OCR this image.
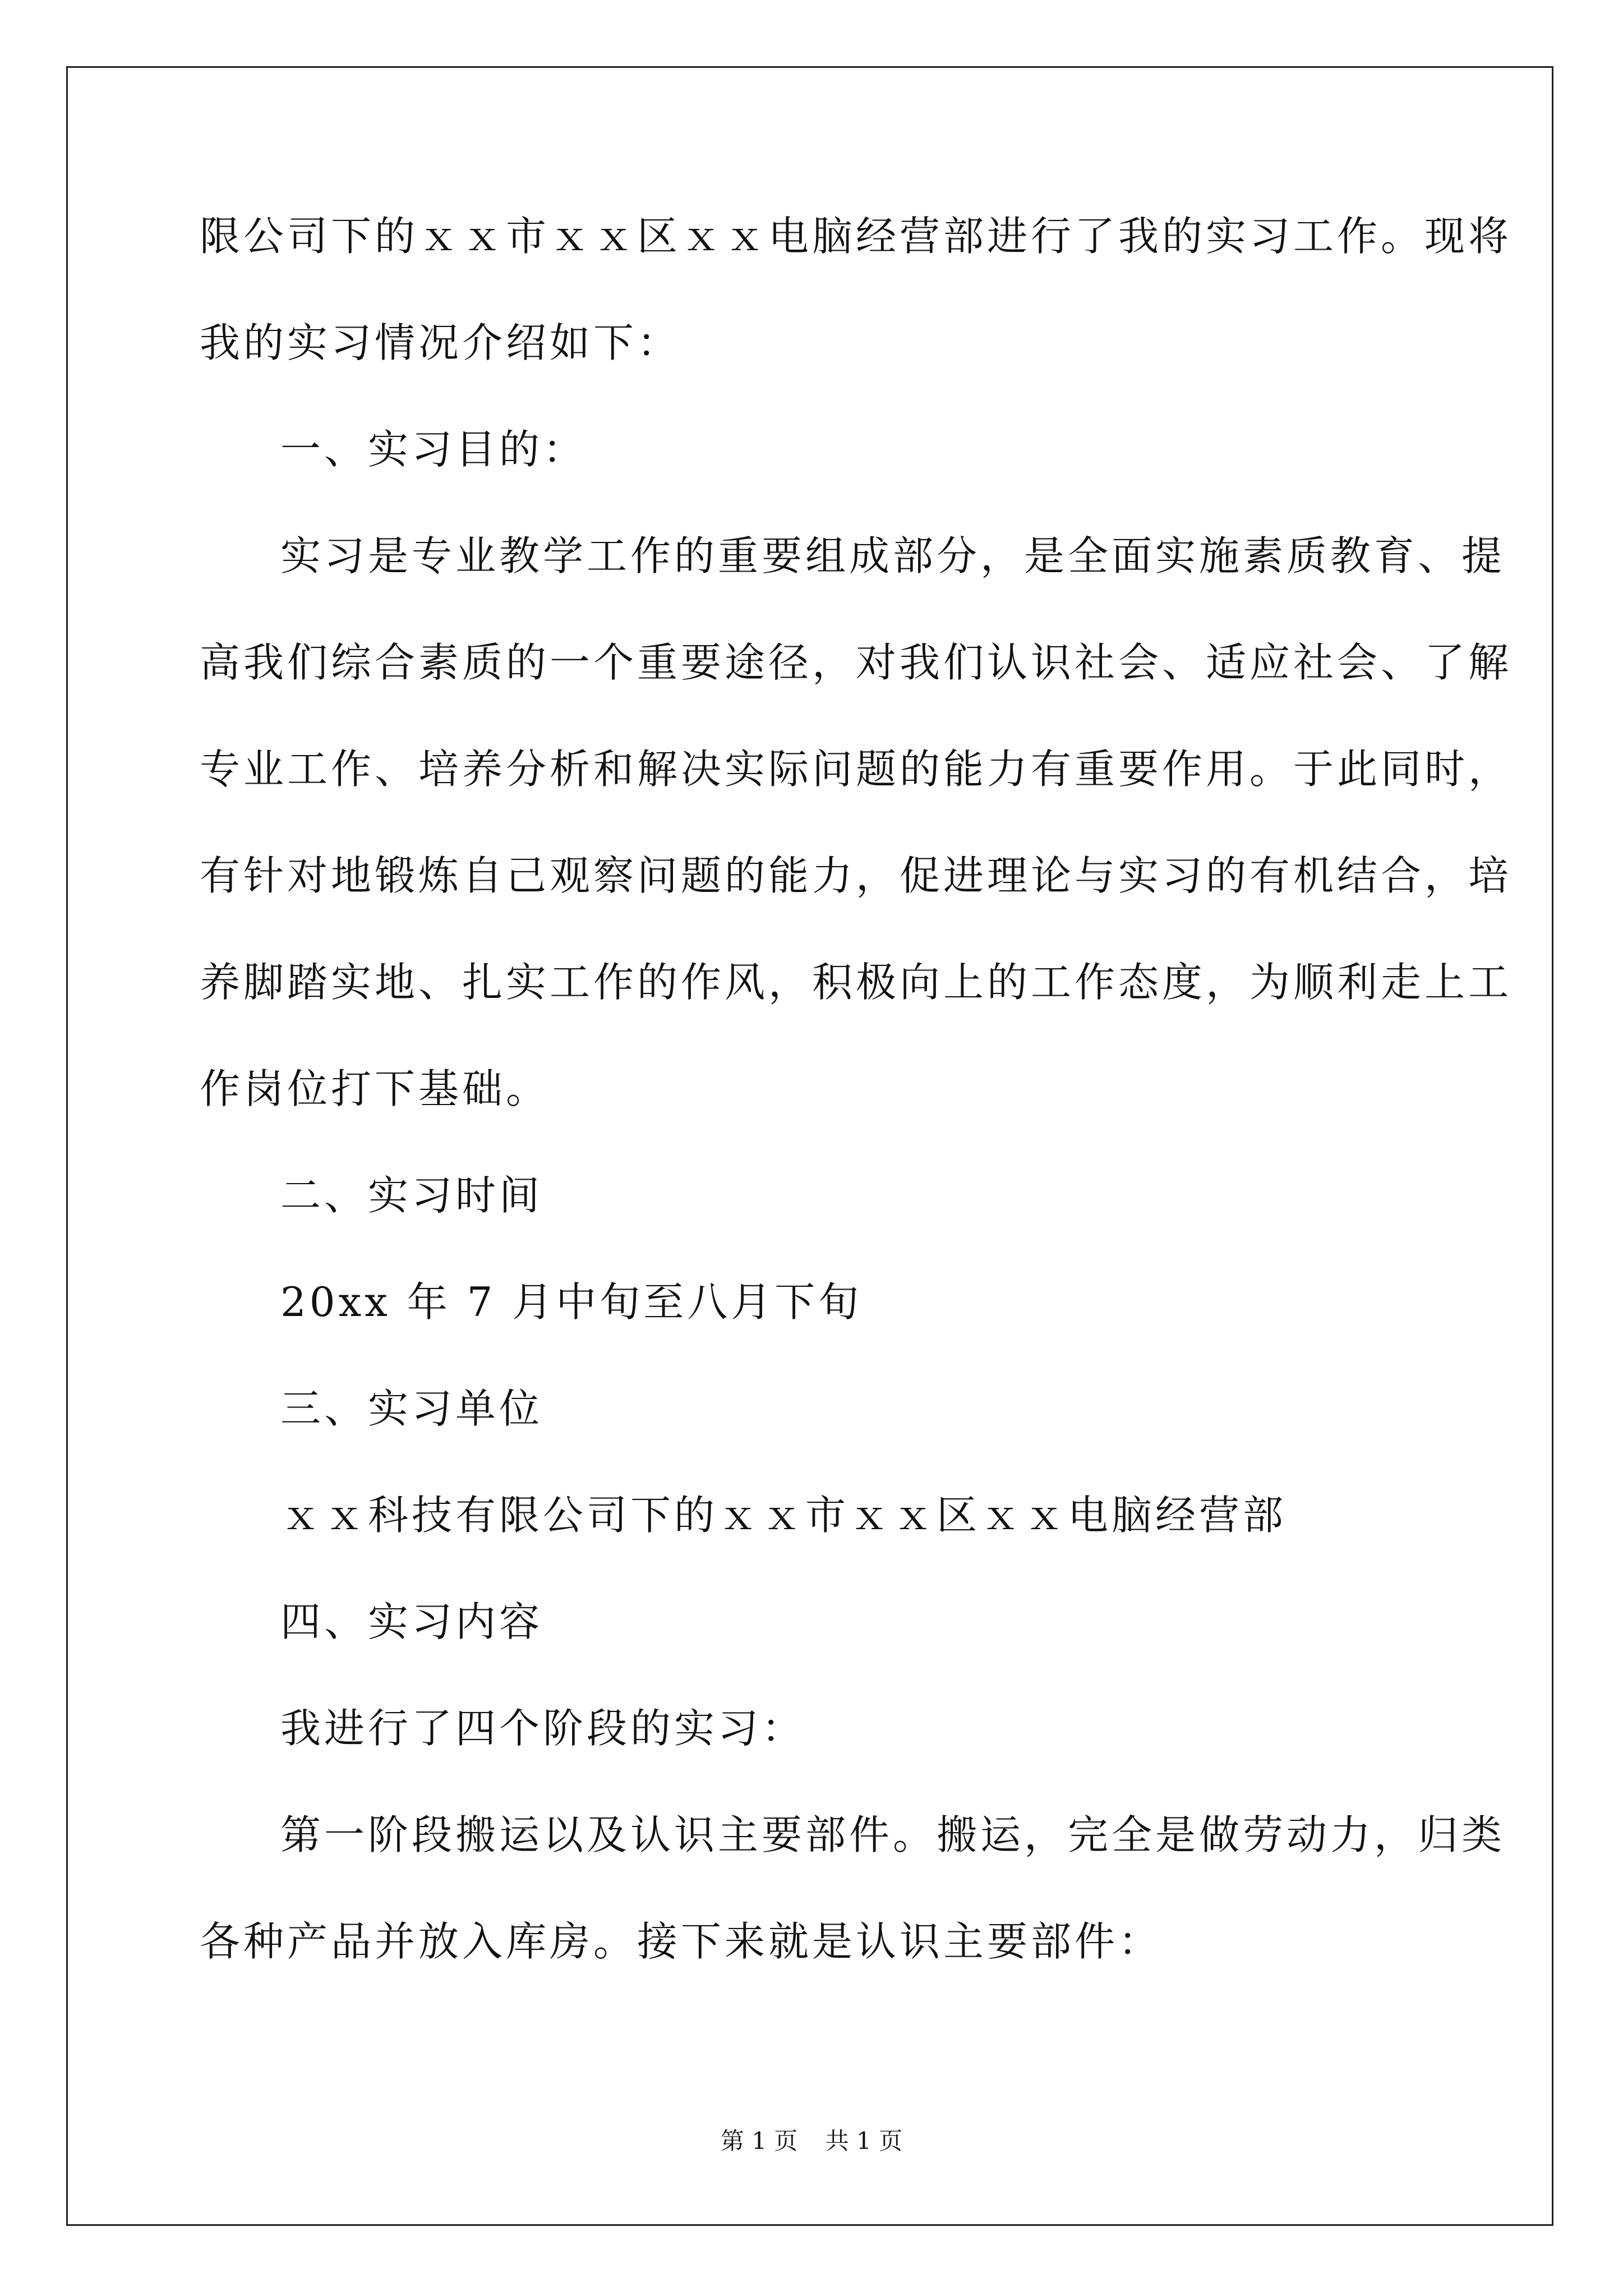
限公司下的ｘｘ市ｘｘ区ｘｘ电脑经营部进行了我的实习工作。现将

我的实习情况介绍如下：

一、实习目的：

实习是专业教学工作的重要组成部分，是全面实施素质教育、提

高我们综合素质的一个重要途径，对我们认识社会、适应社会、了解

专业工作、培养分析和解决实际问题的能力有重要作用。于此同时，

有针对地锻炼自己观察问题的能力，促进理论与实习的有机结合，培

养脚踏实地、扎实工作的作风，积极向上的工作态度，为顺利走上工

作岗位打下基础。

二、实习时间

20xx 年 7 月中旬至八月下旬

三、实习单位

ｘｘ科技有限公司下的ｘｘ市ｘｘ区ｘｘ电脑经营部

四、实习内容

我进行了四个阶段的实习：

第一阶段搬运以及认识主要部件。搬运，完全是做劳动力，归类

各种产品并放入库房。接下来就是认识主要部件：

第 1 页 共 1 页
